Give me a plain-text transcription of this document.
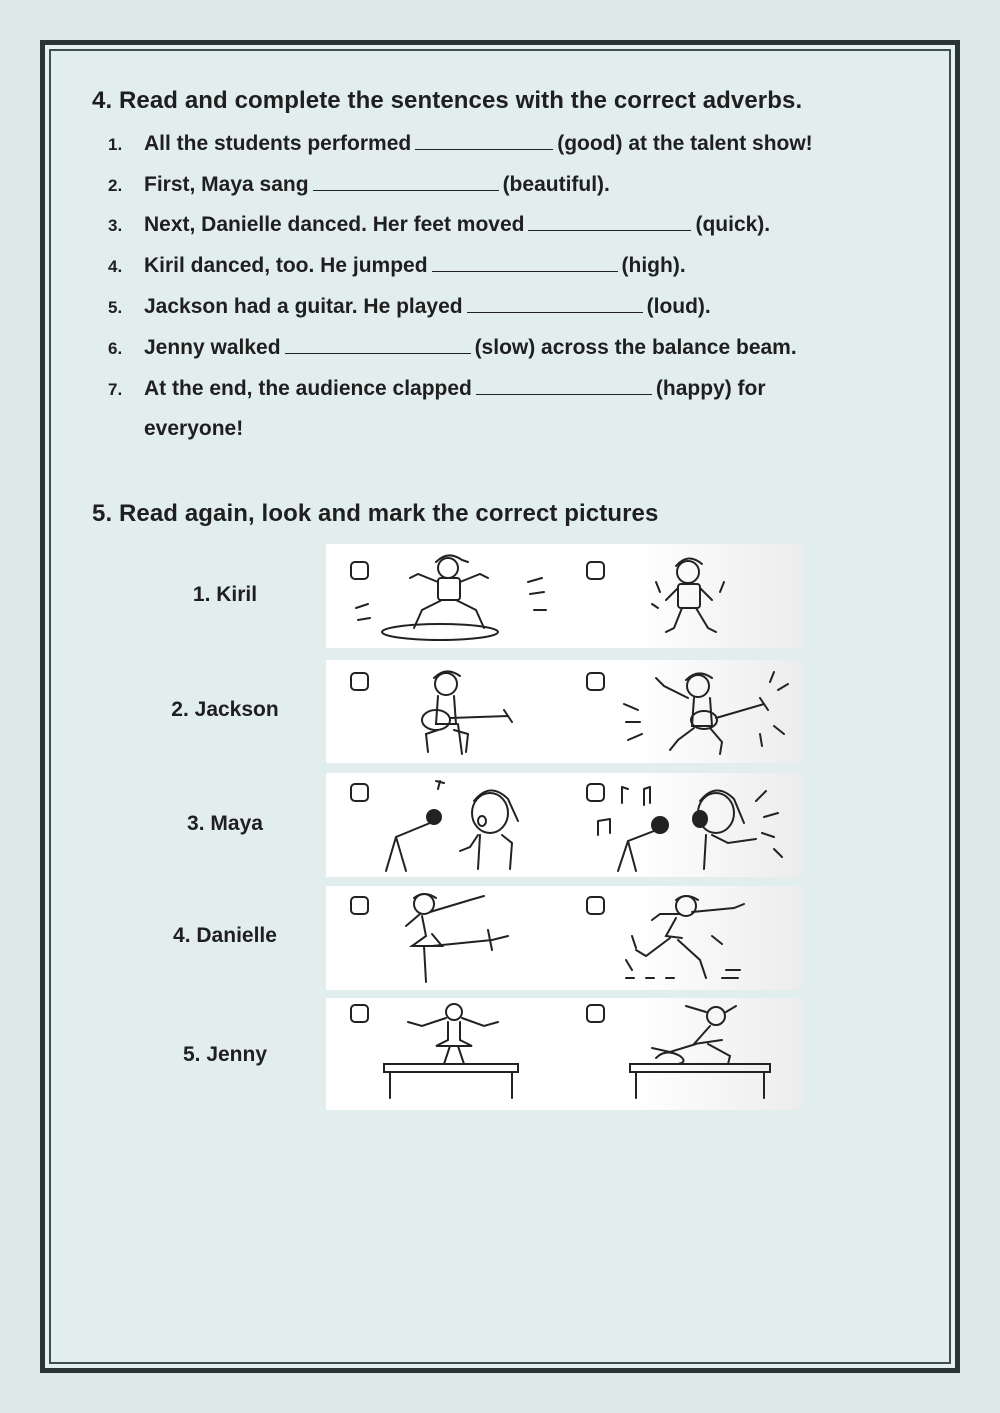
4. Read and complete the sentences with the correct adverbs.
1. All the students performed	(good) at the talent show!
2. First, Maya sang	(beautiful).
3. Next, Danielle danced. Her feet moved	(quick).
4. Kiril danced, too. He jumped	(high).
5. Jackson had a guitar. He played	(loud).
6. Jenny walked	(slow) across the balance beam.
7. At the end, the audience clapped	(happy) for
everyone!
5. Read again, look and mark the correct pictures
1. Kiril
2. Jackson
3. Maya
4. Danielle
5. Jenny
